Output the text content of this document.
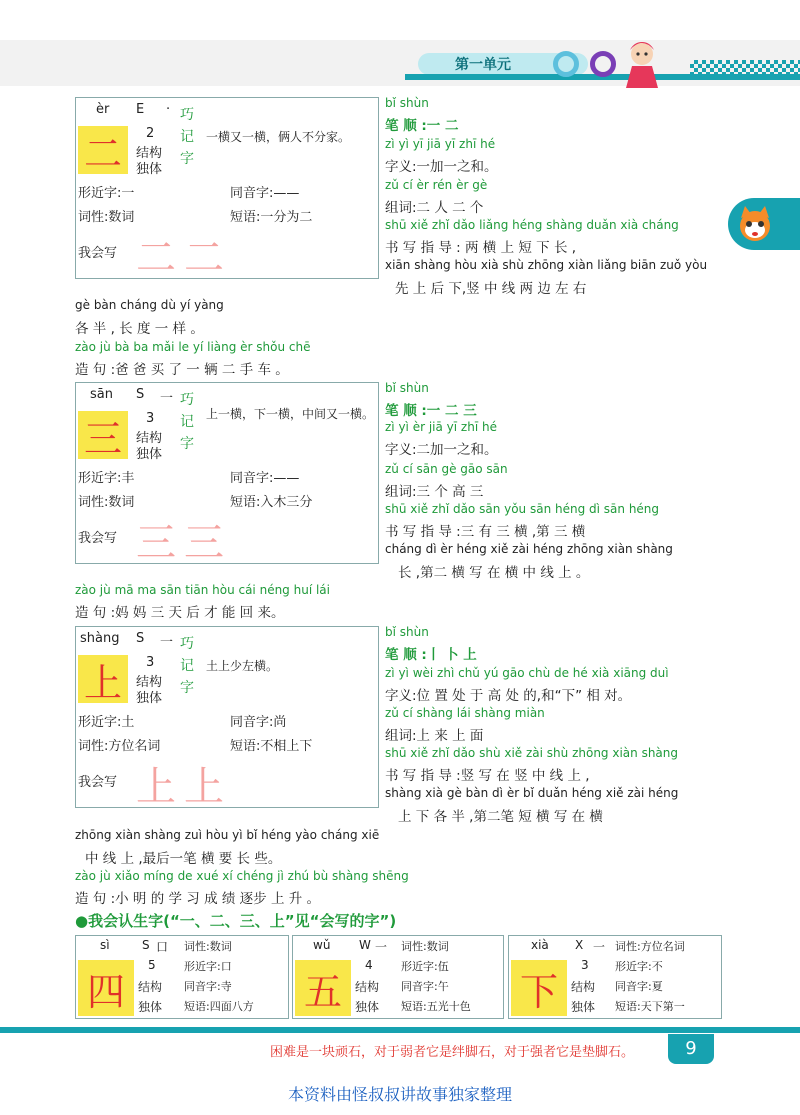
第一单元
èr E ·
二	2
结构
独体
巧记字
一横又一横，俩人不分家。
形近字:一	同音字:——
词性:数词	短语:一分为二
我会写 二 二
bǐ shùn
笔 顺 :一 二
zì yì yī jiā yī zhī hé
字义:一加一之和。
zǔ cí èr rén èr gè
组词:二 人 二 个
shū xiě zhǐ dǎo liǎng héng shàng duǎn xià cháng
书 写 指 导 : 两 横 上 短 下 长 ,
xiān shàng hòu xià shù zhōng xiàn liǎng biān zuǒ yòu
先 上 后 下,竖 中 线 两 边 左 右
gè bàn cháng dù yí yàng
各 半 , 长 度 一 样 。
zào jù bà ba mǎi le yí liàng èr shǒu chē
造 句 :爸 爸 买 了 一 辆 二 手 车 。
sān S 一
三	3
结构
独体
巧记字
上一横，下一横，中间又一横。
形近字:丰	同音字:——
词性:数词	短语:入木三分
我会写 三 三
bǐ shùn
笔 顺 :一 二 三
zì yì èr jiā yī zhī hé
字义:二加一之和。
zǔ cí sān gè gāo sān
组词:三 个 高 三
shū xiě zhǐ dǎo sān yǒu sān héng dì sān héng
书 写 指 导 :三 有 三 横 ,第 三 横
cháng dì èr héng xiě zài héng zhōng xiàn shàng
长 ,第二 横 写 在 横 中 线 上 。
zào jù mā ma sān tiān hòu cái néng huí lái
造 句 :妈 妈 三 天 后 才 能 回 来。
shàng S 一
上	3
结构
独体
巧记字
土上少左横。
形近字:土	同音字:尚
词性:方位名词	短语:不相上下
我会写 上 上
bǐ shùn
笔 顺 :丨 卜 上
zì yì wèi zhì chǔ yú gāo chù de hé xià xiāng duì
字义:位 置 处 于 高 处 的,和“下” 相 对。
zǔ cí shàng lái shàng miàn
组词:上 来 上 面
shū xiě zhǐ dǎo shù xiě zài shù zhōng xiàn shàng
书 写 指 导 :竖 写 在 竖 中 线 上 ,
shàng xià gè bàn dì èr bǐ duǎn héng xiě zài héng
上 下 各 半 ,第二笔 短 横 写 在 横
zhōng xiàn shàng zuì hòu yì bǐ héng yào cháng xiē
中 线 上 ,最后一笔 横 要 长 些。
zào jù xiǎo míng de xué xí chéng jì zhú bù shàng shēng
造 句 :小 明 的 学 习 成 绩 逐步 上 升 。
●我会认生字(“一、二、三、上”见“会写的字”)
sì	S 口
四
5
结构
独体
词性:数词
形近字:口
同音字:寺
短语:四面八方
wǔ W 一
五
4
结构
独体
词性:数词
形近字:伍
同音字:午
短语:五光十色
xià X 一
下
3
结构
独体
词性:方位名词
形近字:不
同音字:夏
短语:天下第一
困难是一块顽石，对于弱者它是绊脚石，对于强者它是垫脚石。	9
本资料由怪叔叔讲故事独家整理
